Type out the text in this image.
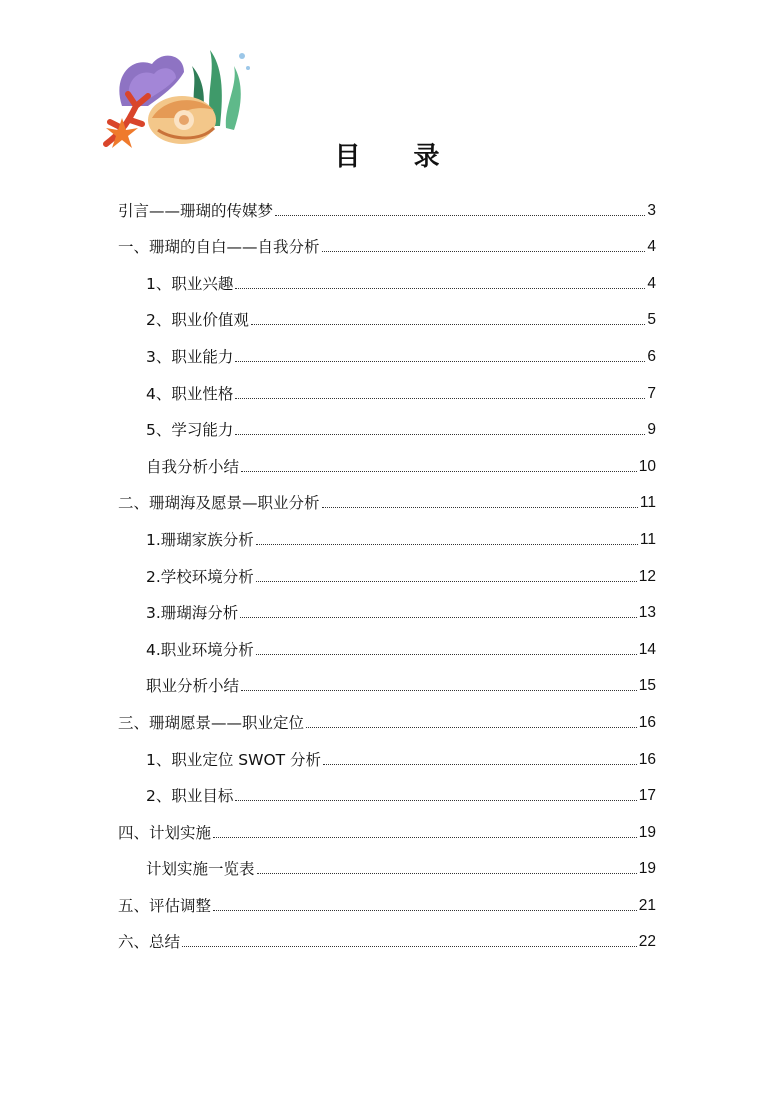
目 录
引言——珊瑚的传媒梦	3
一、珊瑚的自白——自我分析	4
1、职业兴趣	4
2、职业价值观	5
3、职业能力	6
4、职业性格	7
5、学习能力	9
自我分析小结	10
二、珊瑚海及愿景—职业分析	11
1.珊瑚家族分析	11
2.学校环境分析	12
3.珊瑚海分析	13
4.职业环境分析	14
职业分析小结	15
三、珊瑚愿景——职业定位	16
1、职业定位 SWOT 分析	16
2、职业目标	17
四、计划实施	19
计划实施一览表	19
五、评估调整	21
六、总结	22
